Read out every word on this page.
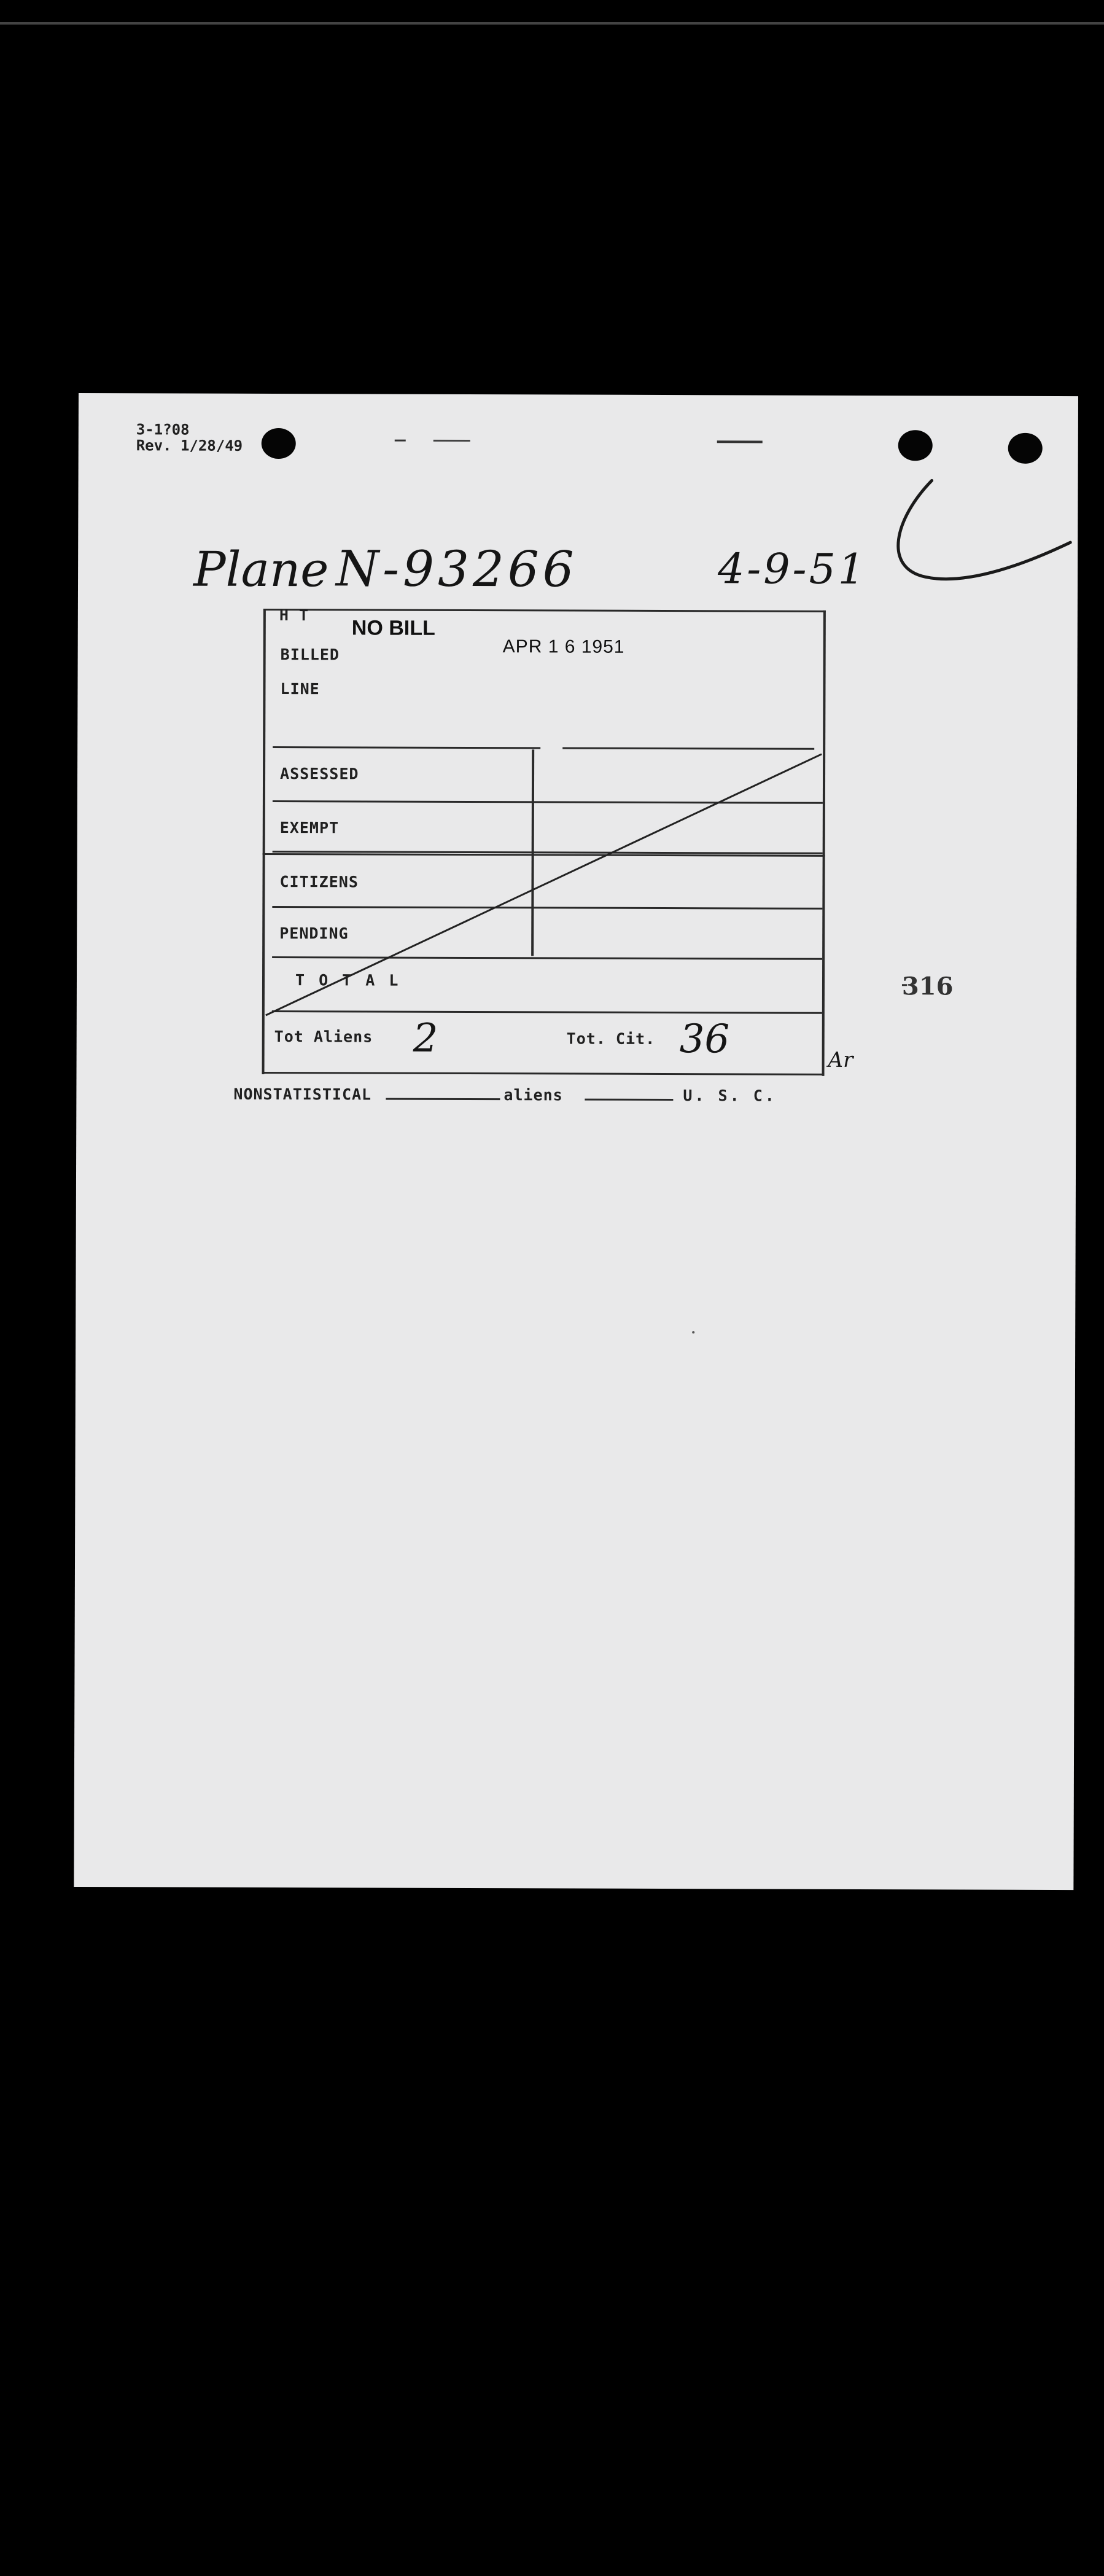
3-1?08
Rev. 1/28/49
Plane N-93266	4-9-51
H T
NO BILL
BILLED	APR 1 6 1951
LINE
ASSESSED
EXEMPT
CITIZENS
PENDING
T O T A L
Tot Aliens 2	Tot. Cit. 36	Ar
316
NONSTATISTICAL	aliens	U. S. C.
